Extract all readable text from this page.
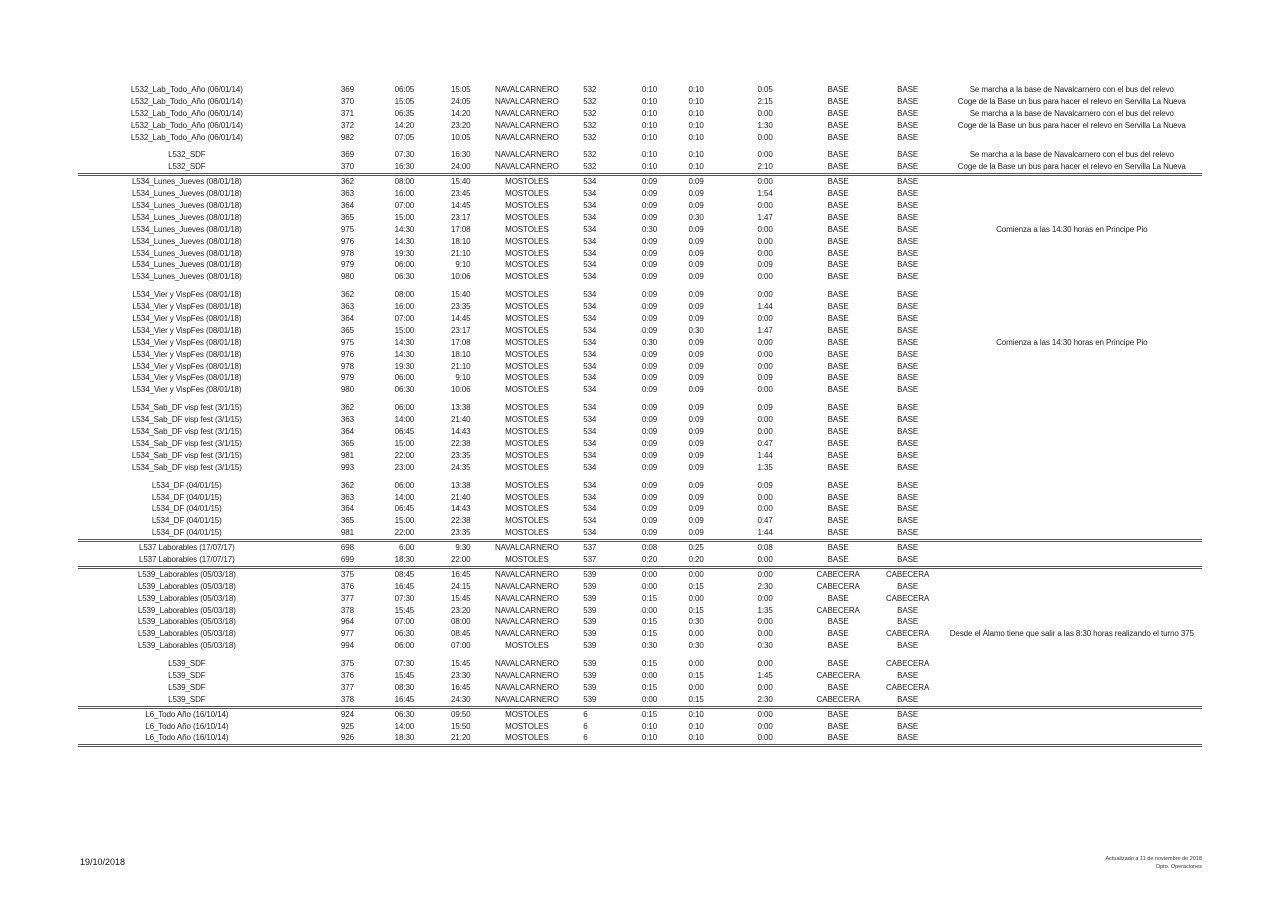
L532_Lab_Todo_Año (06/01/14)	369	06:05	15:05	NAVALCARNERO	532	0:10	0:10	0:05	BASE	BASE	Se marcha a la base de Navalcarnero con el bus del relevo
L532_Lab_Todo_Año (06/01/14)	370	15:05	24:05	NAVALCARNERO	532	0:10	0:10	2:15	BASE	BASE	Coge de la Base un bus para hacer el relevo en Servilla La Nueva
L532_Lab_Todo_Año (06/01/14)	371	06:35	14:20	NAVALCARNERO	532	0:10	0:10	0:00	BASE	BASE	Se marcha a la base de Navalcarnero con el bus del relevo
L532_Lab_Todo_Año (06/01/14)	372	14:20	23:20	NAVALCARNERO	532	0:10	0:10	1:30	BASE	BASE	Coge de la Base un bus para hacer el relevo en Servilla La Nueva
L532_Lab_Todo_Año (06/01/14)	982	07:05	10:05	NAVALCARNERO	532	0:10	0:10	0:00	BASE	BASE
L532_SDF	369	07:30	16:30	NAVALCARNERO	532	0:10	0:10	0:00	BASE	BASE	Se marcha a la base de Navalcarnero con el bus del relevo
L532_SDF	370	16:30	24:00	NAVALCARNERO	532	0:10	0:10	2:10	BASE	BASE	Coge de la Base un bus para hacer el relevo en Servilla La Nueva
L534_Lunes_Jueves (08/01/18)	362	08:00	15:40	MOSTOLES	534	0:09	0:09	0:00	BASE	BASE
L534_Lunes_Jueves (08/01/18)	363	16:00	23:45	MOSTOLES	534	0:09	0:09	1:54	BASE	BASE
L534_Lunes_Jueves (08/01/18)	364	07:00	14:45	MOSTOLES	534	0:09	0:09	0:00	BASE	BASE
L534_Lunes_Jueves (08/01/18)	365	15:00	23:17	MOSTOLES	534	0:09	0:30	1:47	BASE	BASE
L534_Lunes_Jueves (08/01/18)	975	14:30	17:08	MOSTOLES	534	0:30	0:09	0:00	BASE	BASE	Comienza a las 14:30 horas en Principe Pio
L534_Lunes_Jueves (08/01/18)	976	14:30	18:10	MOSTOLES	534	0:09	0:09	0:00	BASE	BASE
L534_Lunes_Jueves (08/01/18)	978	19:30	21:10	MOSTOLES	534	0:09	0:09	0:00	BASE	BASE
L534_Lunes_Jueves (08/01/18)	979	06:00	9:10	MOSTOLES	534	0:09	0:09	0:09	BASE	BASE
L534_Lunes_Jueves (08/01/18)	980	06:30	10:06	MOSTOLES	534	0:09	0:09	0:00	BASE	BASE
L534_Vier y VispFes (08/01/18)	362	08:00	15:40	MOSTOLES	534	0:09	0:09	0:00	BASE	BASE
L534_Vier y VispFes (08/01/18)	363	16:00	23:35	MOSTOLES	534	0:09	0:09	1:44	BASE	BASE
L534_Vier y VispFes (08/01/18)	364	07:00	14:45	MOSTOLES	534	0:09	0:09	0:00	BASE	BASE
L534_Vier y VispFes (08/01/18)	365	15:00	23:17	MOSTOLES	534	0:09	0:30	1:47	BASE	BASE
L534_Vier y VispFes (08/01/18)	975	14:30	17:08	MOSTOLES	534	0:30	0:09	0:00	BASE	BASE	Comienza a las 14:30 horas en Principe Pio
L534_Vier y VispFes (08/01/18)	976	14:30	18:10	MOSTOLES	534	0:09	0:09	0:00	BASE	BASE
L534_Vier y VispFes (08/01/18)	978	19:30	21:10	MOSTOLES	534	0:09	0:09	0:00	BASE	BASE
L534_Vier y VispFes (08/01/18)	979	06:00	9:10	MOSTOLES	534	0:09	0:09	0:09	BASE	BASE
L534_Vier y VispFes (08/01/18)	980	06:30	10:06	MOSTOLES	534	0:09	0:09	0:00	BASE	BASE
L534_Sab_DF visp fest (3/1/15)	362	06:00	13:38	MOSTOLES	534	0:09	0:09	0:09	BASE	BASE
L534_Sab_DF visp fest (3/1/15)	363	14:00	21:40	MOSTOLES	534	0:09	0:09	0:00	BASE	BASE
L534_Sab_DF visp fest (3/1/15)	364	06:45	14:43	MOSTOLES	534	0:09	0:09	0:00	BASE	BASE
L534_Sab_DF visp fest (3/1/15)	365	15:00	22:38	MOSTOLES	534	0:09	0:09	0:47	BASE	BASE
L534_Sab_DF visp fest (3/1/15)	981	22:00	23:35	MOSTOLES	534	0:09	0:09	1:44	BASE	BASE
L534_Sab_DF visp fest (3/1/15)	993	23:00	24:35	MOSTOLES	534	0:09	0:09	1:35	BASE	BASE
L534_DF (04/01/15)	362	06:00	13:38	MOSTOLES	534	0:09	0:09	0:09	BASE	BASE
L534_DF (04/01/15)	363	14:00	21:40	MOSTOLES	534	0:09	0:09	0:00	BASE	BASE
L534_DF (04/01/15)	364	06:45	14:43	MOSTOLES	534	0:09	0:09	0:00	BASE	BASE
L534_DF (04/01/15)	365	15:00	22:38	MOSTOLES	534	0:09	0:09	0:47	BASE	BASE
L534_DF (04/01/15)	981	22:00	23:35	MOSTOLES	534	0:09	0:09	1:44	BASE	BASE
L537 Laborables (17/07/17)	698	6:00	9:30	NAVALCARNERO	537	0:08	0:25	0:08	BASE	BASE
L537 Laborables (17/07/17)	699	18:30	22:00	MOSTOLES	537	0:20	0:20	0:00	BASE	BASE
L539_Laborables (05/03/18)	375	08:45	16:45	NAVALCARNERO	539	0:00	0:00	0:00	CABECERA	CABECERA
L539_Laborables (05/03/18)	376	16:45	24:15	NAVALCARNERO	539	0:00	0:15	2:30	CABECERA	BASE
L539_Laborables (05/03/18)	377	07:30	15:45	NAVALCARNERO	539	0:15	0:00	0:00	BASE	CABECERA
L539_Laborables (05/03/18)	378	15:45	23:20	NAVALCARNERO	539	0:00	0:15	1:35	CABECERA	BASE
L539_Laborables (05/03/18)	964	07:00	08:00	NAVALCARNERO	539	0:15	0:30	0:00	BASE	BASE
L539_Laborables (05/03/18)	977	06:30	08:45	NAVALCARNERO	539	0:15	0:00	0:00	BASE	CABECERA	Desde el Álamo tiene que salir a las 8:30 horas realizando el turno 375
L539_Laborables (05/03/18)	994	06:00	07:00	MOSTOLES	539	0:30	0:30	0:30	BASE	BASE
L539_SDF	375	07:30	15:45	NAVALCARNERO	539	0:15	0:00	0:00	BASE	CABECERA
L539_SDF	376	15:45	23:30	NAVALCARNERO	539	0:00	0:15	1:45	CABECERA	BASE
L539_SDF	377	08:30	16:45	NAVALCARNERO	539	0:15	0:00	0:00	BASE	CABECERA
L539_SDF	378	16:45	24:30	NAVALCARNERO	539	0:00	0:15	2:30	CABECERA	BASE
L6_Todo Año (16/10/14)	924	06:30	09:50	MOSTOLES	6	0:15	0:10	0:00	BASE	BASE
L6_Todo Año (16/10/14)	925	14:00	15:50	MOSTOLES	6	0:10	0:10	0:00	BASE	BASE
L6_Todo Año (16/10/14)	926	18:30	21:20	MOSTOLES	6	0:10	0:10	0:00	BASE	BASE
19/10/2018	Actualizado a 11 de noviembre de 2018
Dpto. Operaciones
